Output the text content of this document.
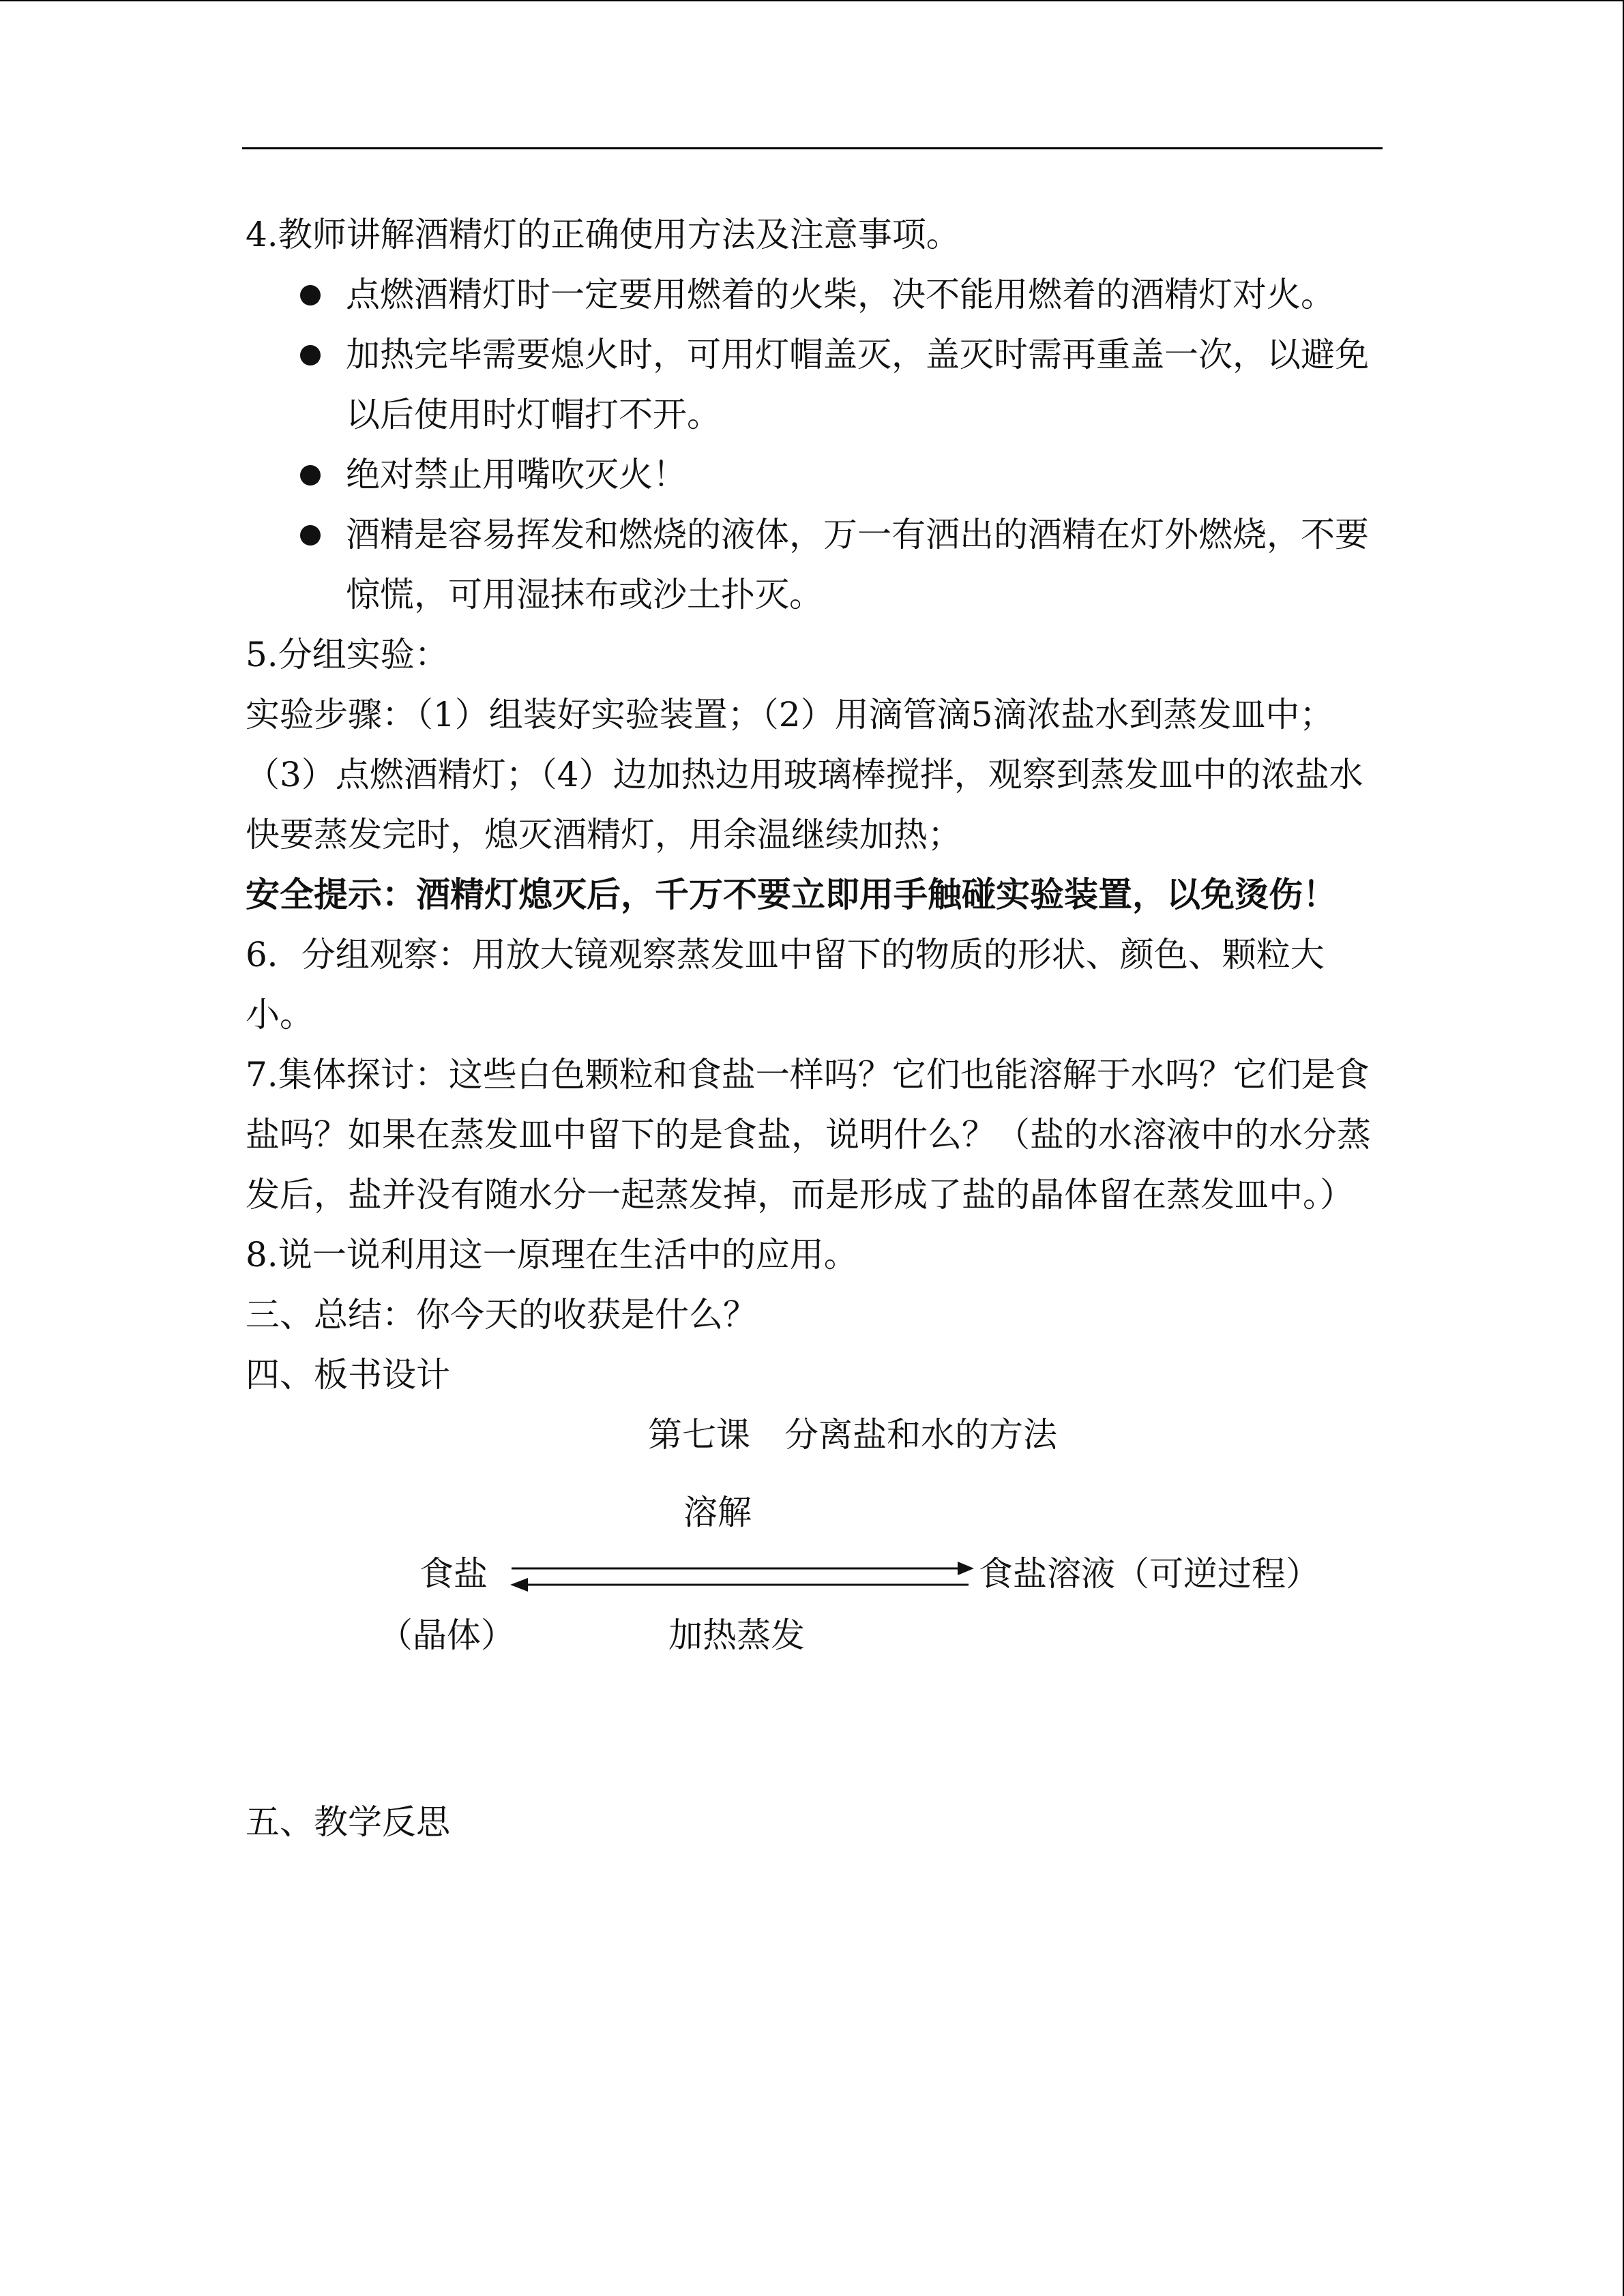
4.教师讲解酒精灯的正确使用方法及注意事项。

点燃酒精灯时一定要用燃着的火柴，决不能用燃着的酒精灯对火。
加热完毕需要熄火时，可用灯帽盖灭，盖灭时需再重盖一次，以避免以后使用时灯帽打不开。
绝对禁止用嘴吹灭火！
酒精是容易挥发和燃烧的液体，万一有洒出的酒精在灯外燃烧，不要惊慌，可用湿抹布或沙土扑灭。

5.分组实验：

实验步骤：（1）组装好实验装置；（2）用滴管滴5滴浓盐水到蒸发皿中；（3）点燃酒精灯；（4）边加热边用玻璃棒搅拌，观察到蒸发皿中的浓盐水快要蒸发完时，熄灭酒精灯，用余温继续加热；

安全提示：酒精灯熄灭后，千万不要立即用手触碰实验装置，以免烫伤！

6．分组观察：用放大镜观察蒸发皿中留下的物质的形状、颜色、颗粒大小。

7.集体探讨：这些白色颗粒和食盐一样吗？它们也能溶解于水吗？它们是食盐吗？如果在蒸发皿中留下的是食盐，说明什么？（盐的水溶液中的水分蒸发后，盐并没有随水分一起蒸发掉，而是形成了盐的晶体留在蒸发皿中。）

8.说一说利用这一原理在生活中的应用。

三、总结：你今天的收获是什么？

四、板书设计

第七课　分离盐和水的方法

溶解
食盐
（晶体）
食盐溶液（可逆过程）
加热蒸发

五、教学反思
